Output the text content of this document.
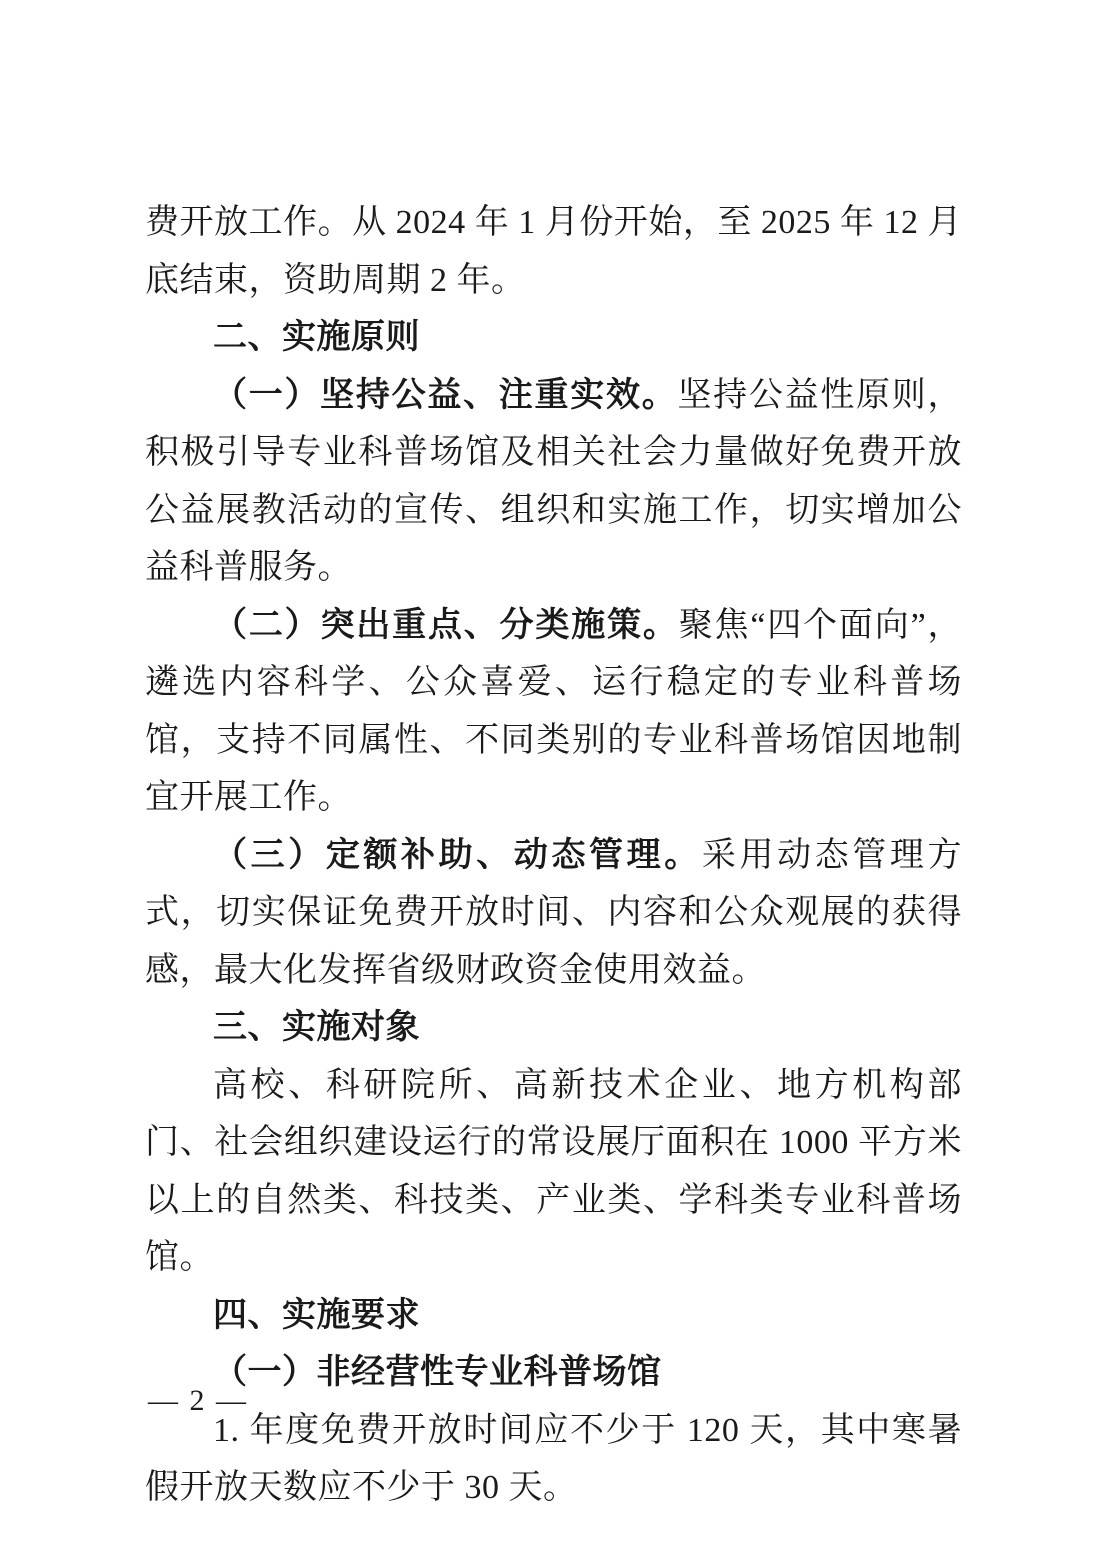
费开放工作。从 2024 年 1 月份开始，至 2025 年 12 月底结束，资助周期 2 年。

二、实施原则

（一）坚持公益、注重实效。坚持公益性原则，积极引导专业科普场馆及相关社会力量做好免费开放公益展教活动的宣传、组织和实施工作，切实增加公益科普服务。

（二）突出重点、分类施策。聚焦“四个面向”，遴选内容科学、公众喜爱、运行稳定的专业科普场馆，支持不同属性、不同类别的专业科普场馆因地制宜开展工作。

（三）定额补助、动态管理。采用动态管理方式，切实保证免费开放时间、内容和公众观展的获得感，最大化发挥省级财政资金使用效益。

三、实施对象

高校、科研院所、高新技术企业、地方机构部门、社会组织建设运行的常设展厅面积在 1000 平方米以上的自然类、科技类、产业类、学科类专业科普场馆。

四、实施要求

（一）非经营性专业科普场馆

1. 年度免费开放时间应不少于 120 天，其中寒暑假开放天数应不少于 30 天。

— 2 —
